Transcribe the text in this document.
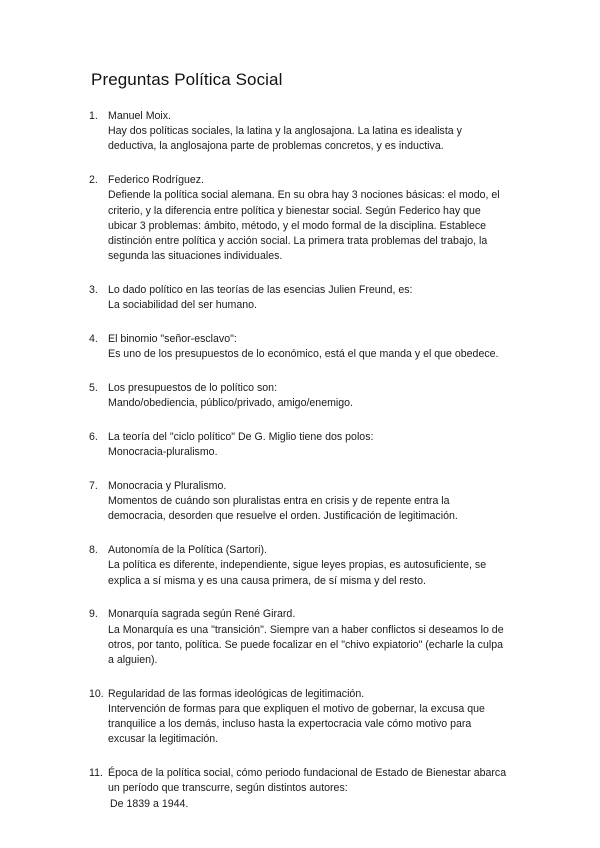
Preguntas Política Social
1. Manuel Moix.
Hay dos políticas sociales, la latina y la anglosajona. La latina es idealista y
deductiva, la anglosajona parte de problemas concretos, y es inductiva.
2. Federico Rodríguez.
Defiende la política social alemana. En su obra hay 3 nociones básicas: el modo, el
criterio, y la diferencia entre política y bienestar social. Según Federico hay que
ubicar 3 problemas: ámbito, método, y el modo formal de la disciplina. Establece
distinción entre política y acción social. La primera trata problemas del trabajo, la
segunda las situaciones individuales.
3. Lo dado político en las teorías de las esencias Julien Freund, es:
La sociabilidad del ser humano.
4. El binomio "señor-esclavo":
Es uno de los presupuestos de lo económico, está el que manda y el que obedece.
5. Los presupuestos de lo político son:
Mando/obediencia, público/privado, amigo/enemigo.
6. La teoría del "ciclo político" De G. Miglio tiene dos polos:
Monocracia-pluralismo.
7. Monocracia y Pluralismo.
Momentos de cuándo son pluralistas entra en crisis y de repente entra la
democracia, desorden que resuelve el orden. Justificación de legitimación.
8. Autonomía de la Política (Sartori).
La política es diferente, independiente, sigue leyes propias, es autosuficiente, se
explica a sí misma y es una causa primera, de sí misma y del resto.
9. Monarquía sagrada según René Girard.
La Monarquía es una "transición". Siempre van a haber conflictos si deseamos lo de
otros, por tanto, política. Se puede focalizar en el "chivo expiatorio" (echarle la culpa
a alguien).
10. Regularidad de las formas ideológicas de legitimación.
Intervención de formas para que expliquen el motivo de gobernar, la excusa que
tranquilice a los demás, incluso hasta la expertocracia vale cómo motivo para
excusar la legitimación.
11. Época de la política social, cómo periodo fundacional de Estado de Bienestar abarca
un período que transcurre, según distintos autores:
De 1839 a 1944.
